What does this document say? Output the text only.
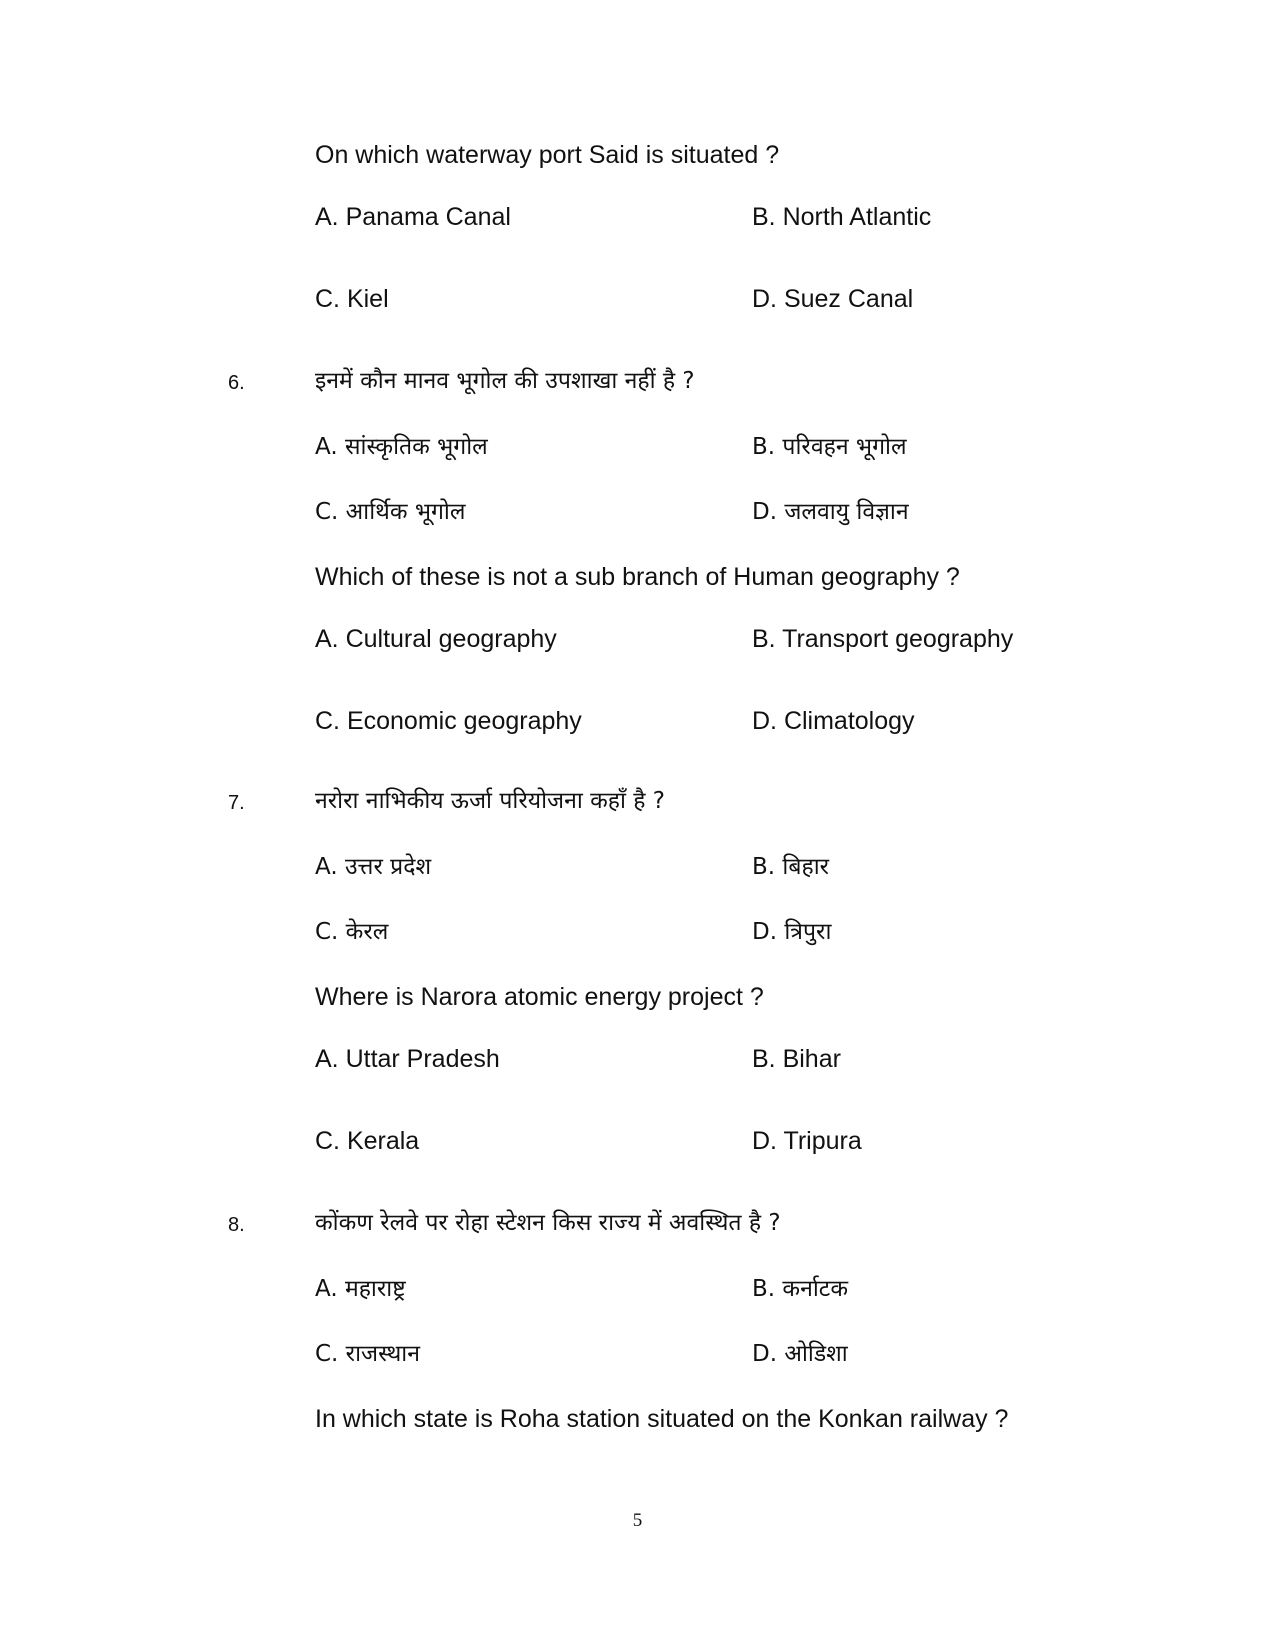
On which waterway port Said is situated ?
A. Panama Canal	B. North Atlantic
C. Kiel	D. Suez Canal
6.	इनमें कौन मानव भूगोल की उपशाखा नहीं है ?
A. सांस्कृतिक भूगोल	B. परिवहन भूगोल
C. आर्थिक भूगोल	D. जलवायु विज्ञान
Which of these is not a sub branch of Human geography ?
A. Cultural geography	B. Transport geography
C. Economic geography	D. Climatology
7.	नरोरा नाभिकीय ऊर्जा परियोजना कहाँ है ?
A. उत्तर प्रदेश	B. बिहार
C. केरल	D. त्रिपुरा
Where is Narora atomic energy project ?
A. Uttar Pradesh	B. Bihar
C. Kerala	D. Tripura
8.	कोंकण रेलवे पर रोहा स्टेशन किस राज्य में अवस्थित है ?
A. महाराष्ट्र	B. कर्नाटक
C. राजस्थान	D. ओडिशा
In which state is Roha station situated on the Konkan railway ?
5
